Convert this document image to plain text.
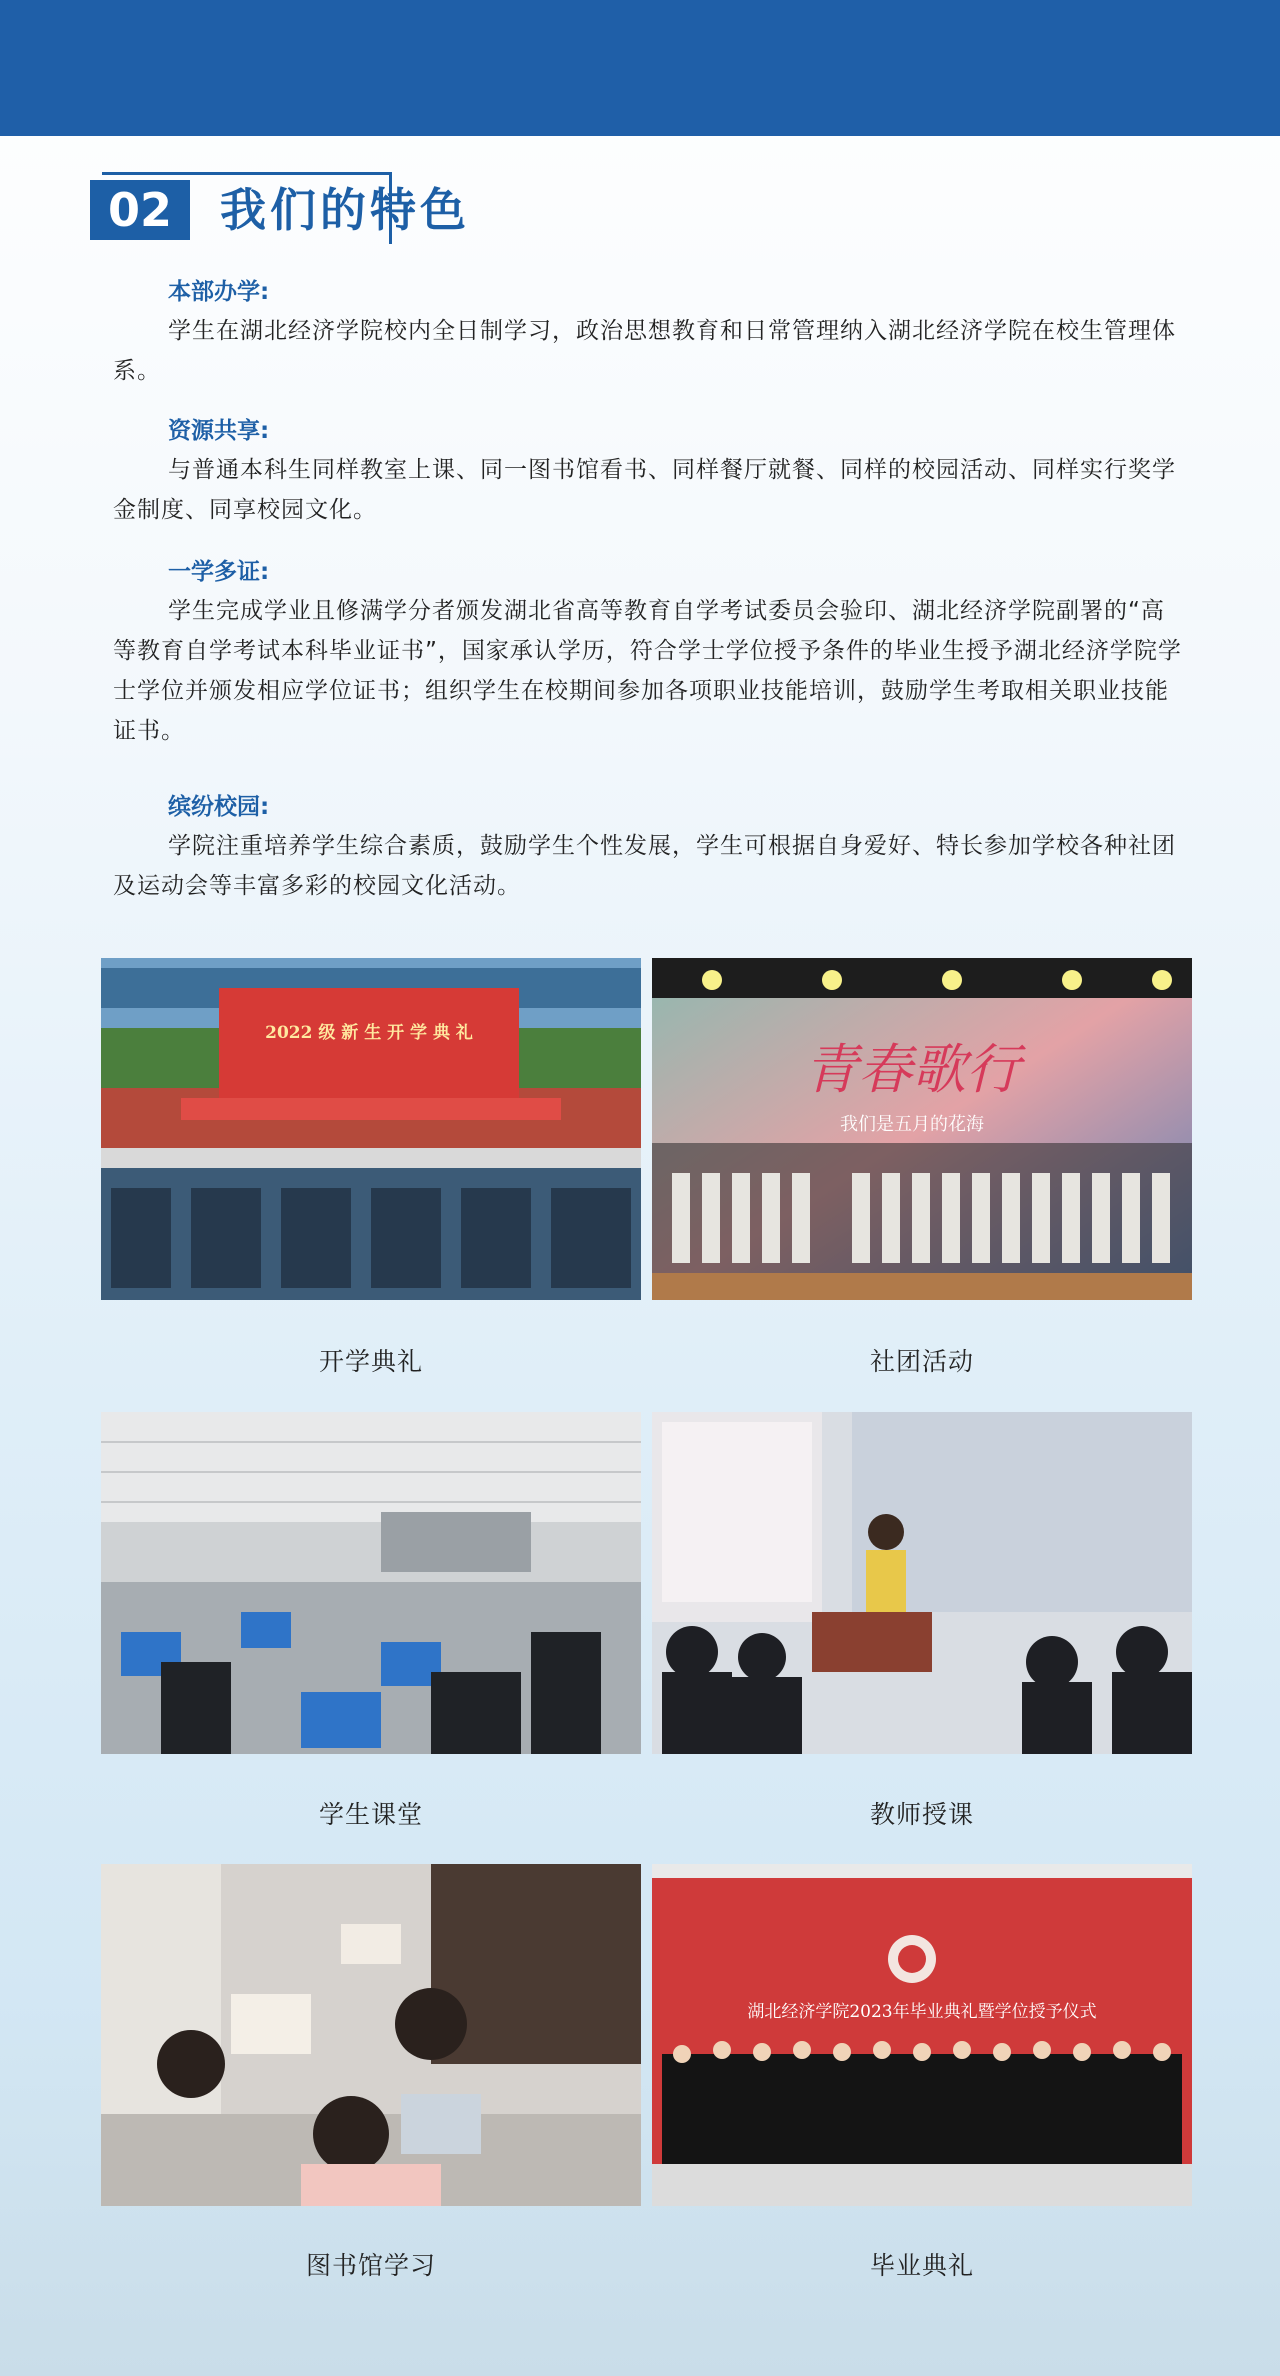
02	我们的特色
本部办学:
学生在湖北经济学院校内全日制学习，政治思想教育和日常管理纳入湖北经济学院在校生管理体系。
资源共享:
与普通本科生同样教室上课、同一图书馆看书、同样餐厅就餐、同样的校园活动、同样实行奖学金制度、同享校园文化。
一学多证:
学生完成学业且修满学分者颁发湖北省高等教育自学考试委员会验印、湖北经济学院副署的“高等教育自学考试本科毕业证书”，国家承认学历，符合学士学位授予条件的毕业生授予湖北经济学院学士学位并颁发相应学位证书；组织学生在校期间参加各项职业技能培训，鼓励学生考取相关职业技能证书。
缤纷校园:
学院注重培养学生综合素质，鼓励学生个性发展，学生可根据自身爱好、特长参加学校各种社团及运动会等丰富多彩的校园文化活动。
2022 级 新 生 开 学 典 礼
开学典礼
青春歌行
我们是五月的花海
社团活动
学生课堂	教师授课
图书馆学习
湖北经济学院2023年毕业典礼暨学位授予仪式
毕业典礼
